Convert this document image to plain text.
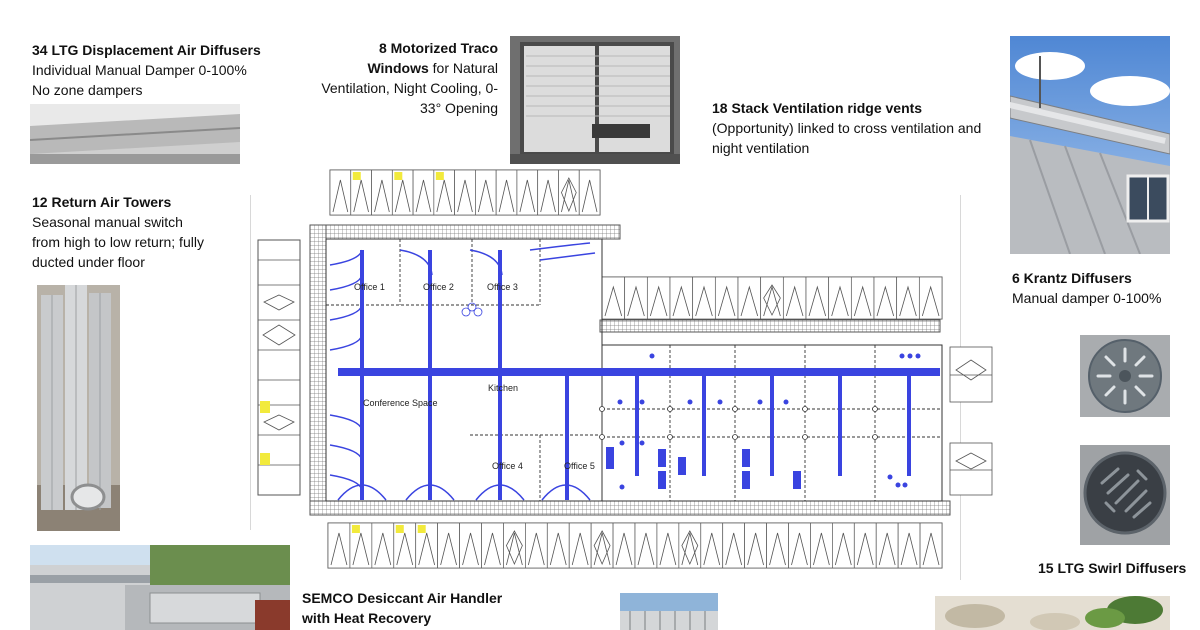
34 LTG Displacement Air Diffusers
Individual Manual Damper 0-100%
No zone dampers
8 Motorized Traco
Windows for Natural
Ventilation, Night Cooling, 0-
33° Opening	18 Stack Ventilation ridge vents
(Opportunity) linked to cross ventilation and
night ventilation
12 Return Air Towers
Seasonal manual switch
from high to low return; fully
ducted under floor
6 Krantz Diffusers
Manual damper 0-100%
15 LTG Swirl Diffusers
SEMCO Desiccant Air Handler
with Heat Recovery
Office 1	Office 2	Office 3
Conference Space
Kitchen
Office 4	Office 5
